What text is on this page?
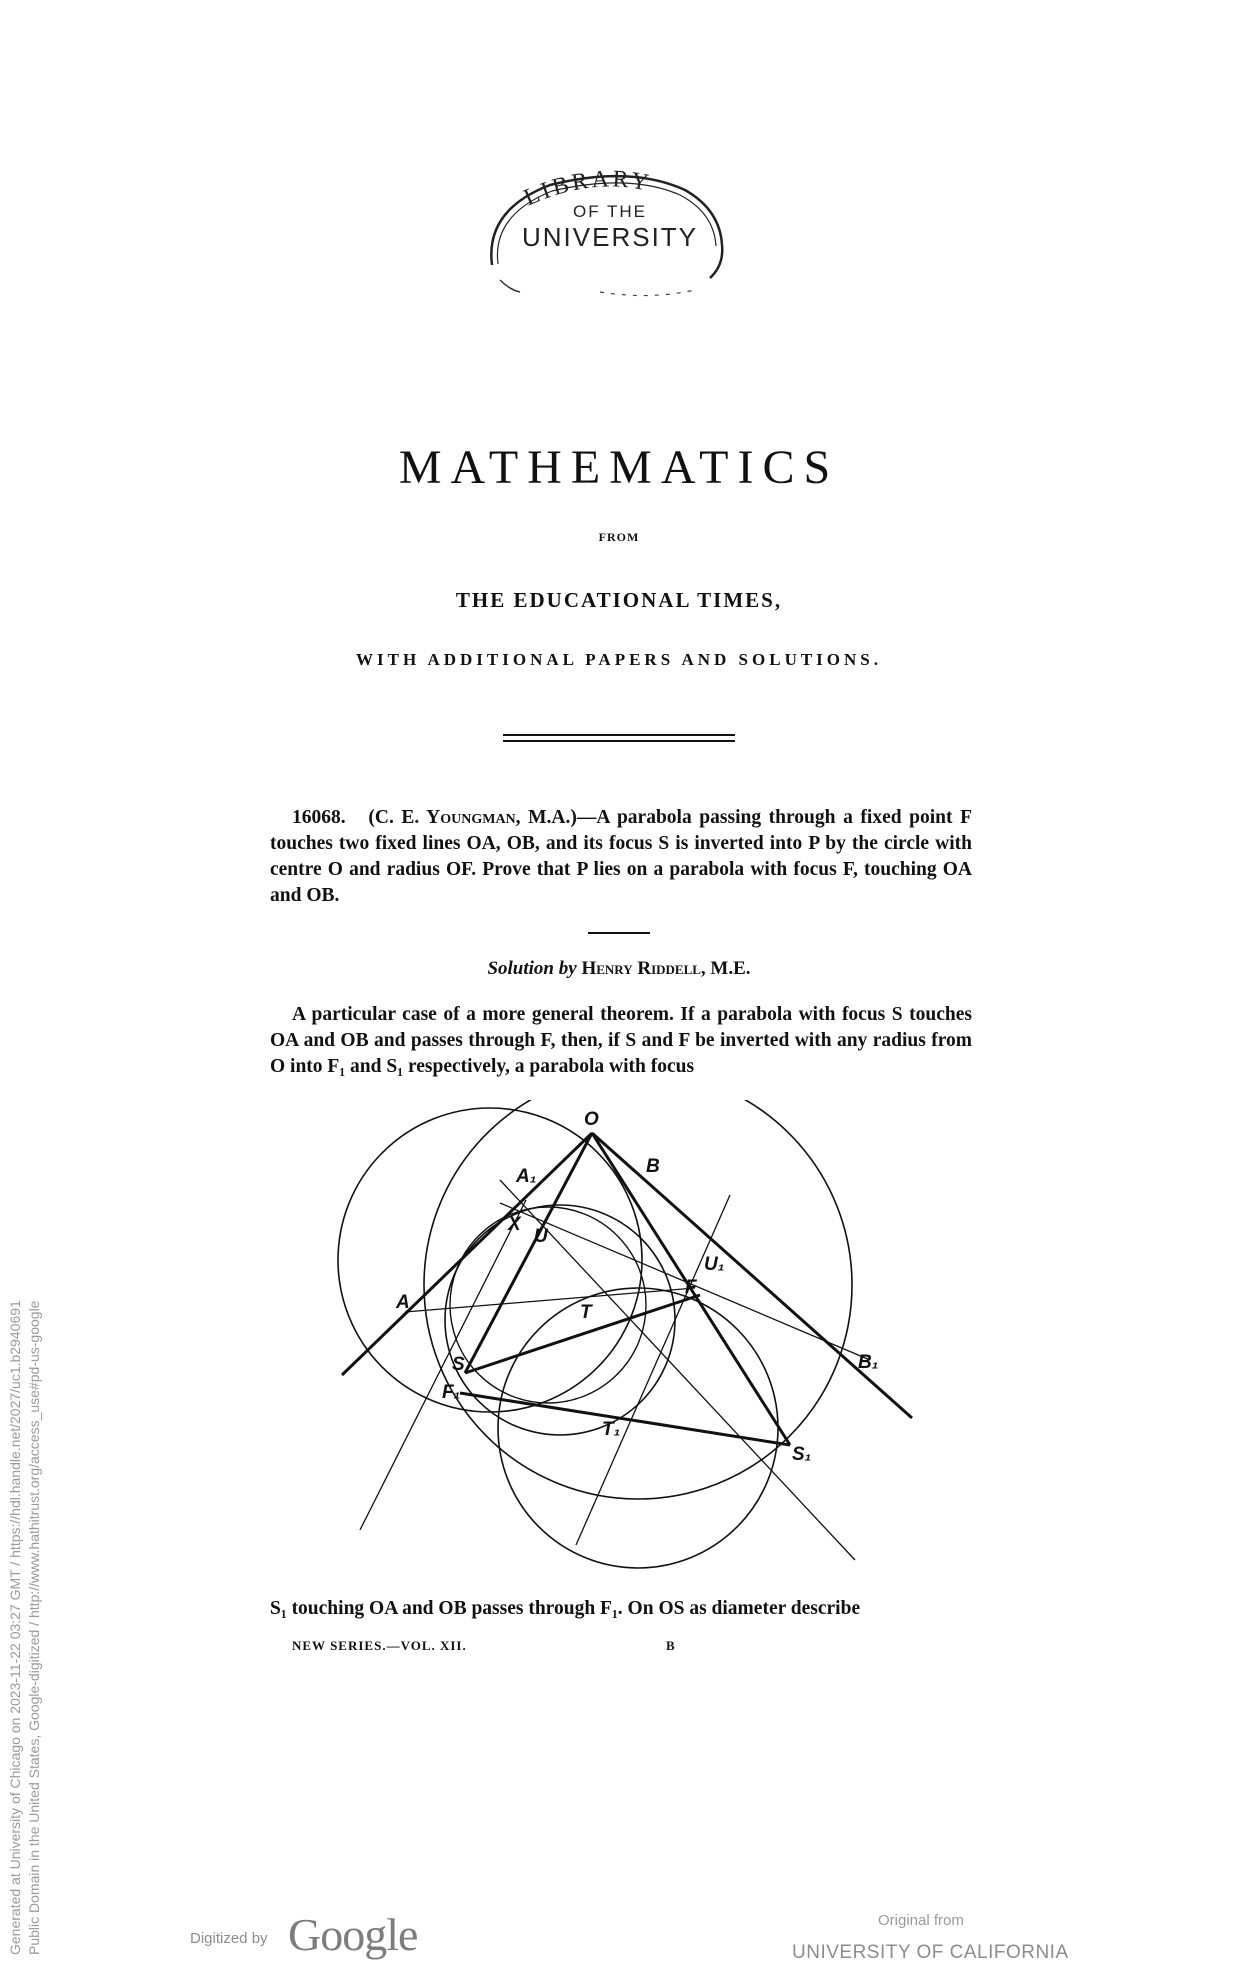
LIBRARY
OF THE
UNIVERSITY
MATHEMATICS
FROM
THE EDUCATIONAL TIMES,
WITH ADDITIONAL PAPERS AND SOLUTIONS.
16068. (C. E. Youngman, M.A.)—A parabola passing through a fixed point F touches two fixed lines OA, OB, and its focus S is inverted into P by the circle with centre O and radius OF. Prove that P lies on a parabola with focus F, touching OA and OB.
Solution by Henry Riddell, M.E.
A particular case of a more general theorem. If a parabola with focus S touches OA and OB and passes through F, then, if S and F be inverted with any radius from O into F₁ and S₁ respectively, a parabola with focus
O
A₁	B
X
U
U₁
F
A	T
B₁
S
F₁
T₁
S₁
S₁ touching OA and OB passes through F₁. On OS as diameter describe
NEW SERIES.—VOL. XII.	B
Generated at University of Chicago on 2023-11-22 03:27 GMT / https://hdl.handle.net/2027/uc1.b2940691 Public Domain in the United States, Google-digitized / http://www.hathitrust.org/access_use#pd-us-google	Digitized by Google	Original from
UNIVERSITY OF CALIFORNIA
